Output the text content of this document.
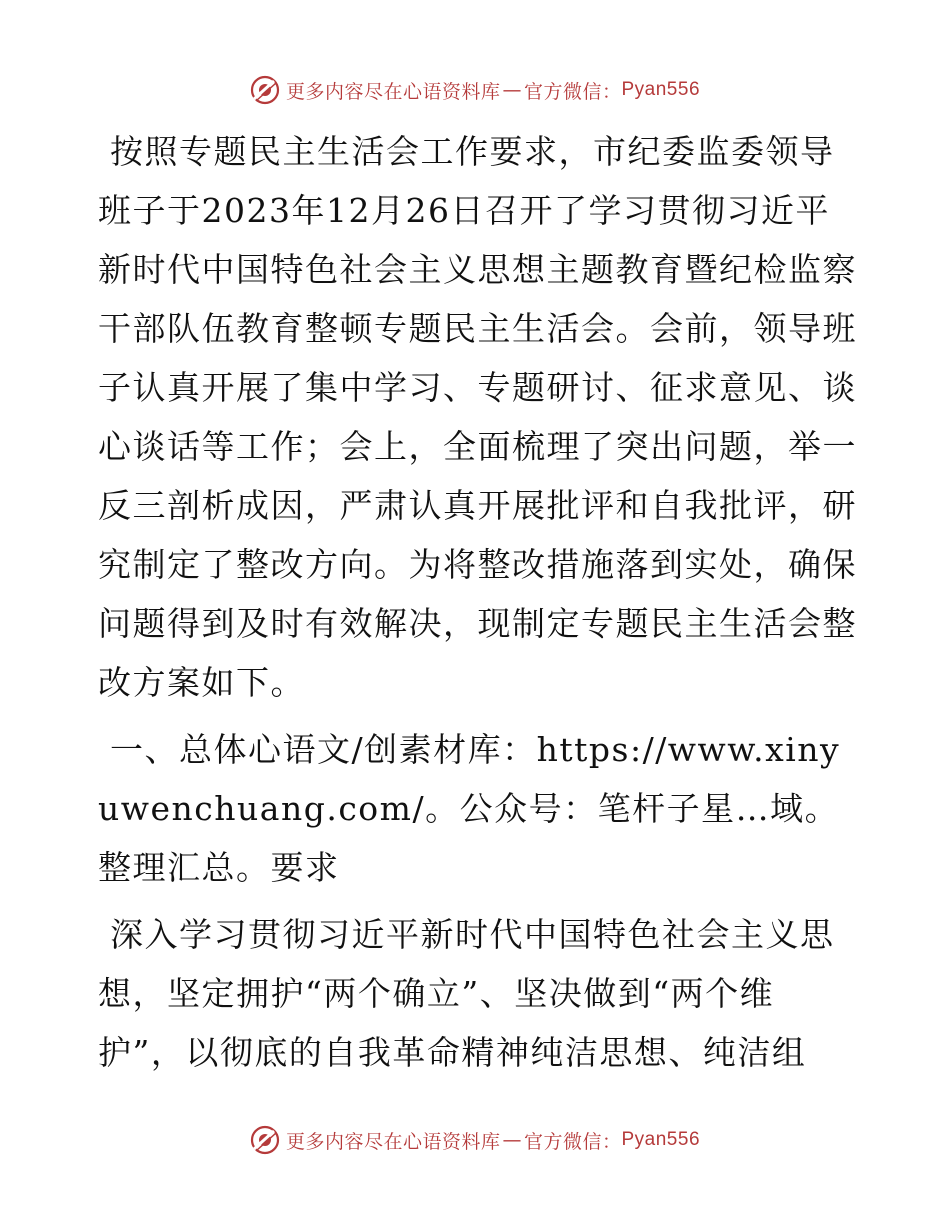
更多内容尽在心语资料库 — 官方微信： Pyan556

按照专题民主生活会工作要求，市纪委监委领导班子于2023年12月26日召开了学习贯彻习近平新时代中国特色社会主义思想主题教育暨纪检监察干部队伍教育整顿专题民主生活会。会前，领导班子认真开展了集中学习、专题研讨、征求意见、谈心谈话等工作；会上，全面梳理了突出问题，举一反三剖析成因，严肃认真开展批评和自我批评，研究制定了整改方向。为将整改措施落到实处，确保问题得到及时有效解决，现制定专题民主生活会整改方案如下。

一、总体心语文/创素材库：https://www.xinyuwenchuang.com/。公众号：笔杆子星…域。整理汇总。要求

深入学习贯彻习近平新时代中国特色社会主义思想，坚定拥护“两个确立”、坚决做到“两个维护”，以彻底的自我革命精神纯洁思想、纯洁组

更多内容尽在心语资料库 — 官方微信： Pyan556
